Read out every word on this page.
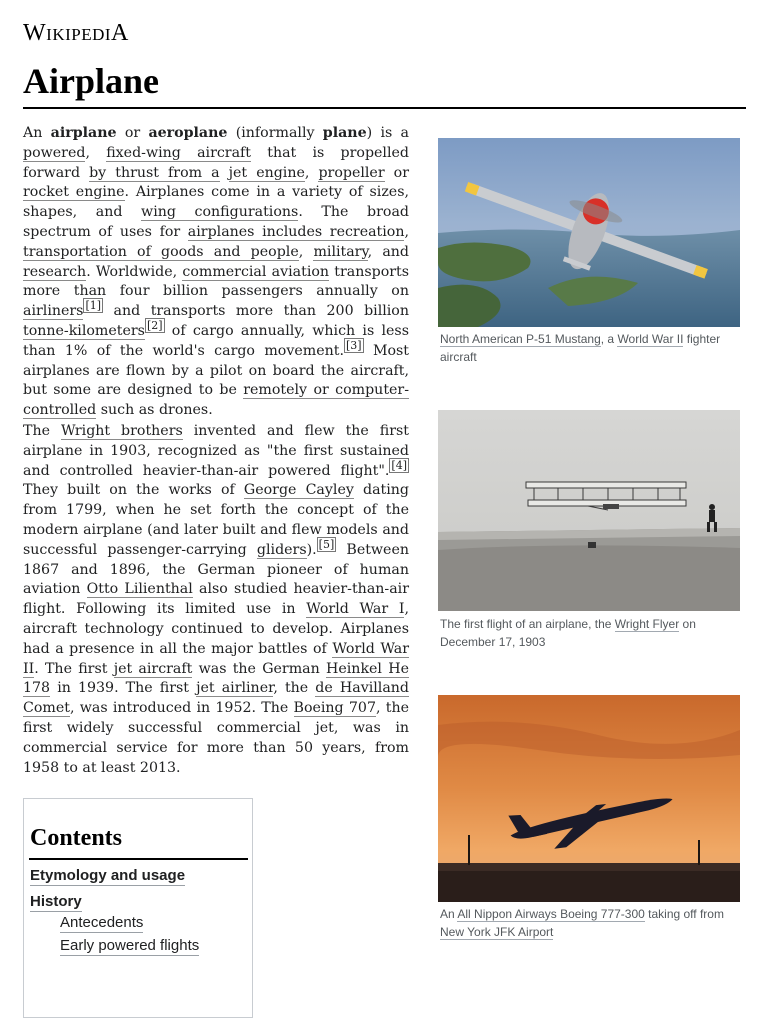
WIKIPEDIA
Airplane

An airplane or aeroplane (informally plane) is a powered, fixed-wing aircraft that is propelled forward by thrust from a jet engine, propeller or rocket engine. Airplanes come in a variety of sizes, shapes, and wing configurations. The broad spectrum of uses for airplanes includes recreation, transportation of goods and people, military, and research. Worldwide, commercial aviation transports more than four billion passengers annually on airliners [1] and transports more than 200 billion tonne-kilometers [2] of cargo annually, which is less than 1% of the world's cargo movement. [3] Most airplanes are flown by a pilot on board the aircraft, but some are designed to be remotely or computer-controlled such as drones.

The Wright brothers invented and flew the first airplane in 1903, recognized as "the first sustained and controlled heavier-than-air powered flight". [4] They built on the works of George Cayley dating from 1799, when he set forth the concept of the modern airplane (and later built and flew models and successful passenger-carrying gliders). [5] Between 1867 and 1896, the German pioneer of human aviation Otto Lilienthal also studied heavier-than-air flight. Following its limited use in World War I, aircraft technology continued to develop. Airplanes had a presence in all the major battles of World War II. The first jet aircraft was the German Heinkel He 178 in 1939. The first jet airliner, the de Havilland Comet, was introduced in 1952. The Boeing 707, the first widely successful commercial jet, was in commercial service for more than 50 years, from 1958 to at least 2013.

Contents
Etymology and usage
History
Antecedents
Early powered flights
North American P-51 Mustang, a World War II fighter aircraft
The first flight of an airplane, the Wright Flyer on December 17, 1903
An All Nippon Airways Boeing 777-300 taking off from New York JFK Airport
